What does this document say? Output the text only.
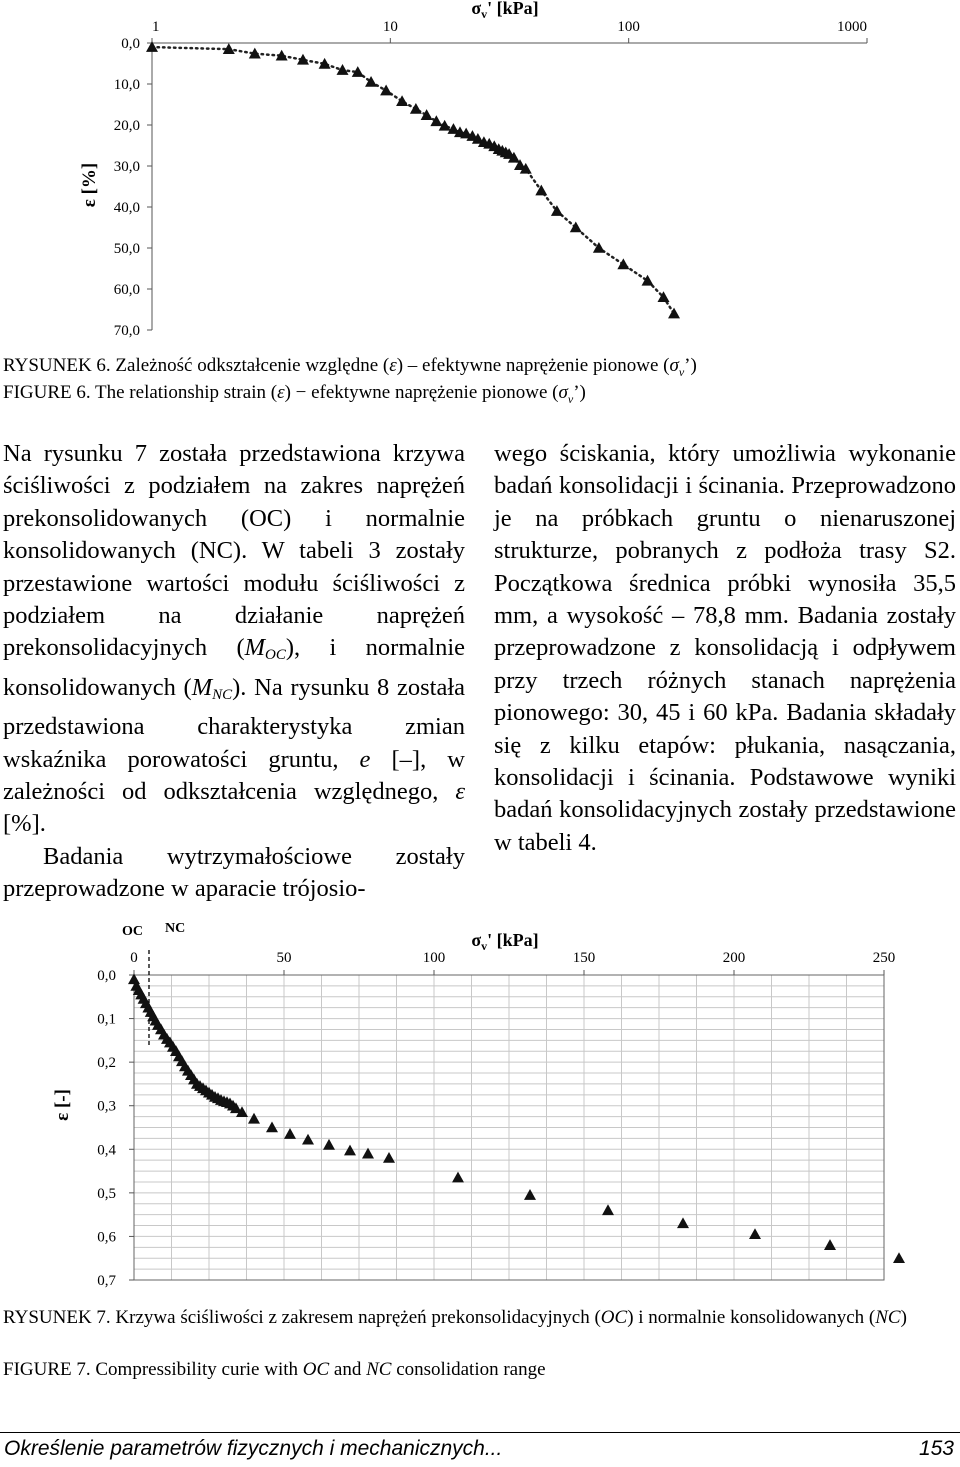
1	10	100	1000
0,0
10,0
20,0
30,0
40,0
50,0
60,0
70,0
$\sigma_v'$ [kPa]
ε [%]
RYSUNEK 6. Zależność odkształcenie względne (ε) – efektywne naprężenie pionowe $(\sigma_v’)$
FIGURE 6. The relationship strain (ε) − efektywne naprężenie pionowe $(\sigma_v’)$

Na rysunku 7 została przedstawiona krzywa ściśliwości z podziałem na zakres naprężeń prekonsolidowanych (OC) i normalnie konsolidowanych (NC). W tabeli 3 zostały przestawione wartości modułu ściśliwości z podziałem na działanie naprężeń prekonsolidacyjnych (MOC), i normalnie konsolidowanych (MNC). Na rysunku 8 została przedstawiona charakterystyka zmian wskaźnika porowatości gruntu, e [–], w zależności od odkształcenia względnego, ε [%].

Badania wytrzymałościowe zostały przeprowadzone w aparacie trójosio-

wego ściskania, który umożliwia wykonanie badań konsolidacji i ścinania. Przeprowadzono je na próbkach gruntu o nienaruszonej strukturze, pobranych z podłoża trasy S2. Początkowa średnica próbki wynosiła 35,5 mm, a wysokość – 78,8 mm. Badania zostały przeprowadzone z konsolidacją i odpływem przy trzech różnych stanach naprężenia pionowego: 30, 45 i 60 kPa. Badania składały się z kilku etapów: płukania, nasączania, konsolidacji i ścinania. Podstawowe wyniki badań konsolidacyjnych zostały przedstawione w tabeli 4.

0	50	100	150	200	250
0,0
0,1
0,2
0,3
0,4
0,5
0,6
0,7
OC NC
$\sigma_v'$ [kPa]
ε [-]
RYSUNEK 7. Krzywa ściśliwości z zakresem naprężeń prekonsolidacyjnych (OC) i normalnie konsolidowanych (NC)
FIGURE 7. Compressibility curie with OC and NC consolidation range
Określenie parametrów fizycznych i mechanicznych...	153
